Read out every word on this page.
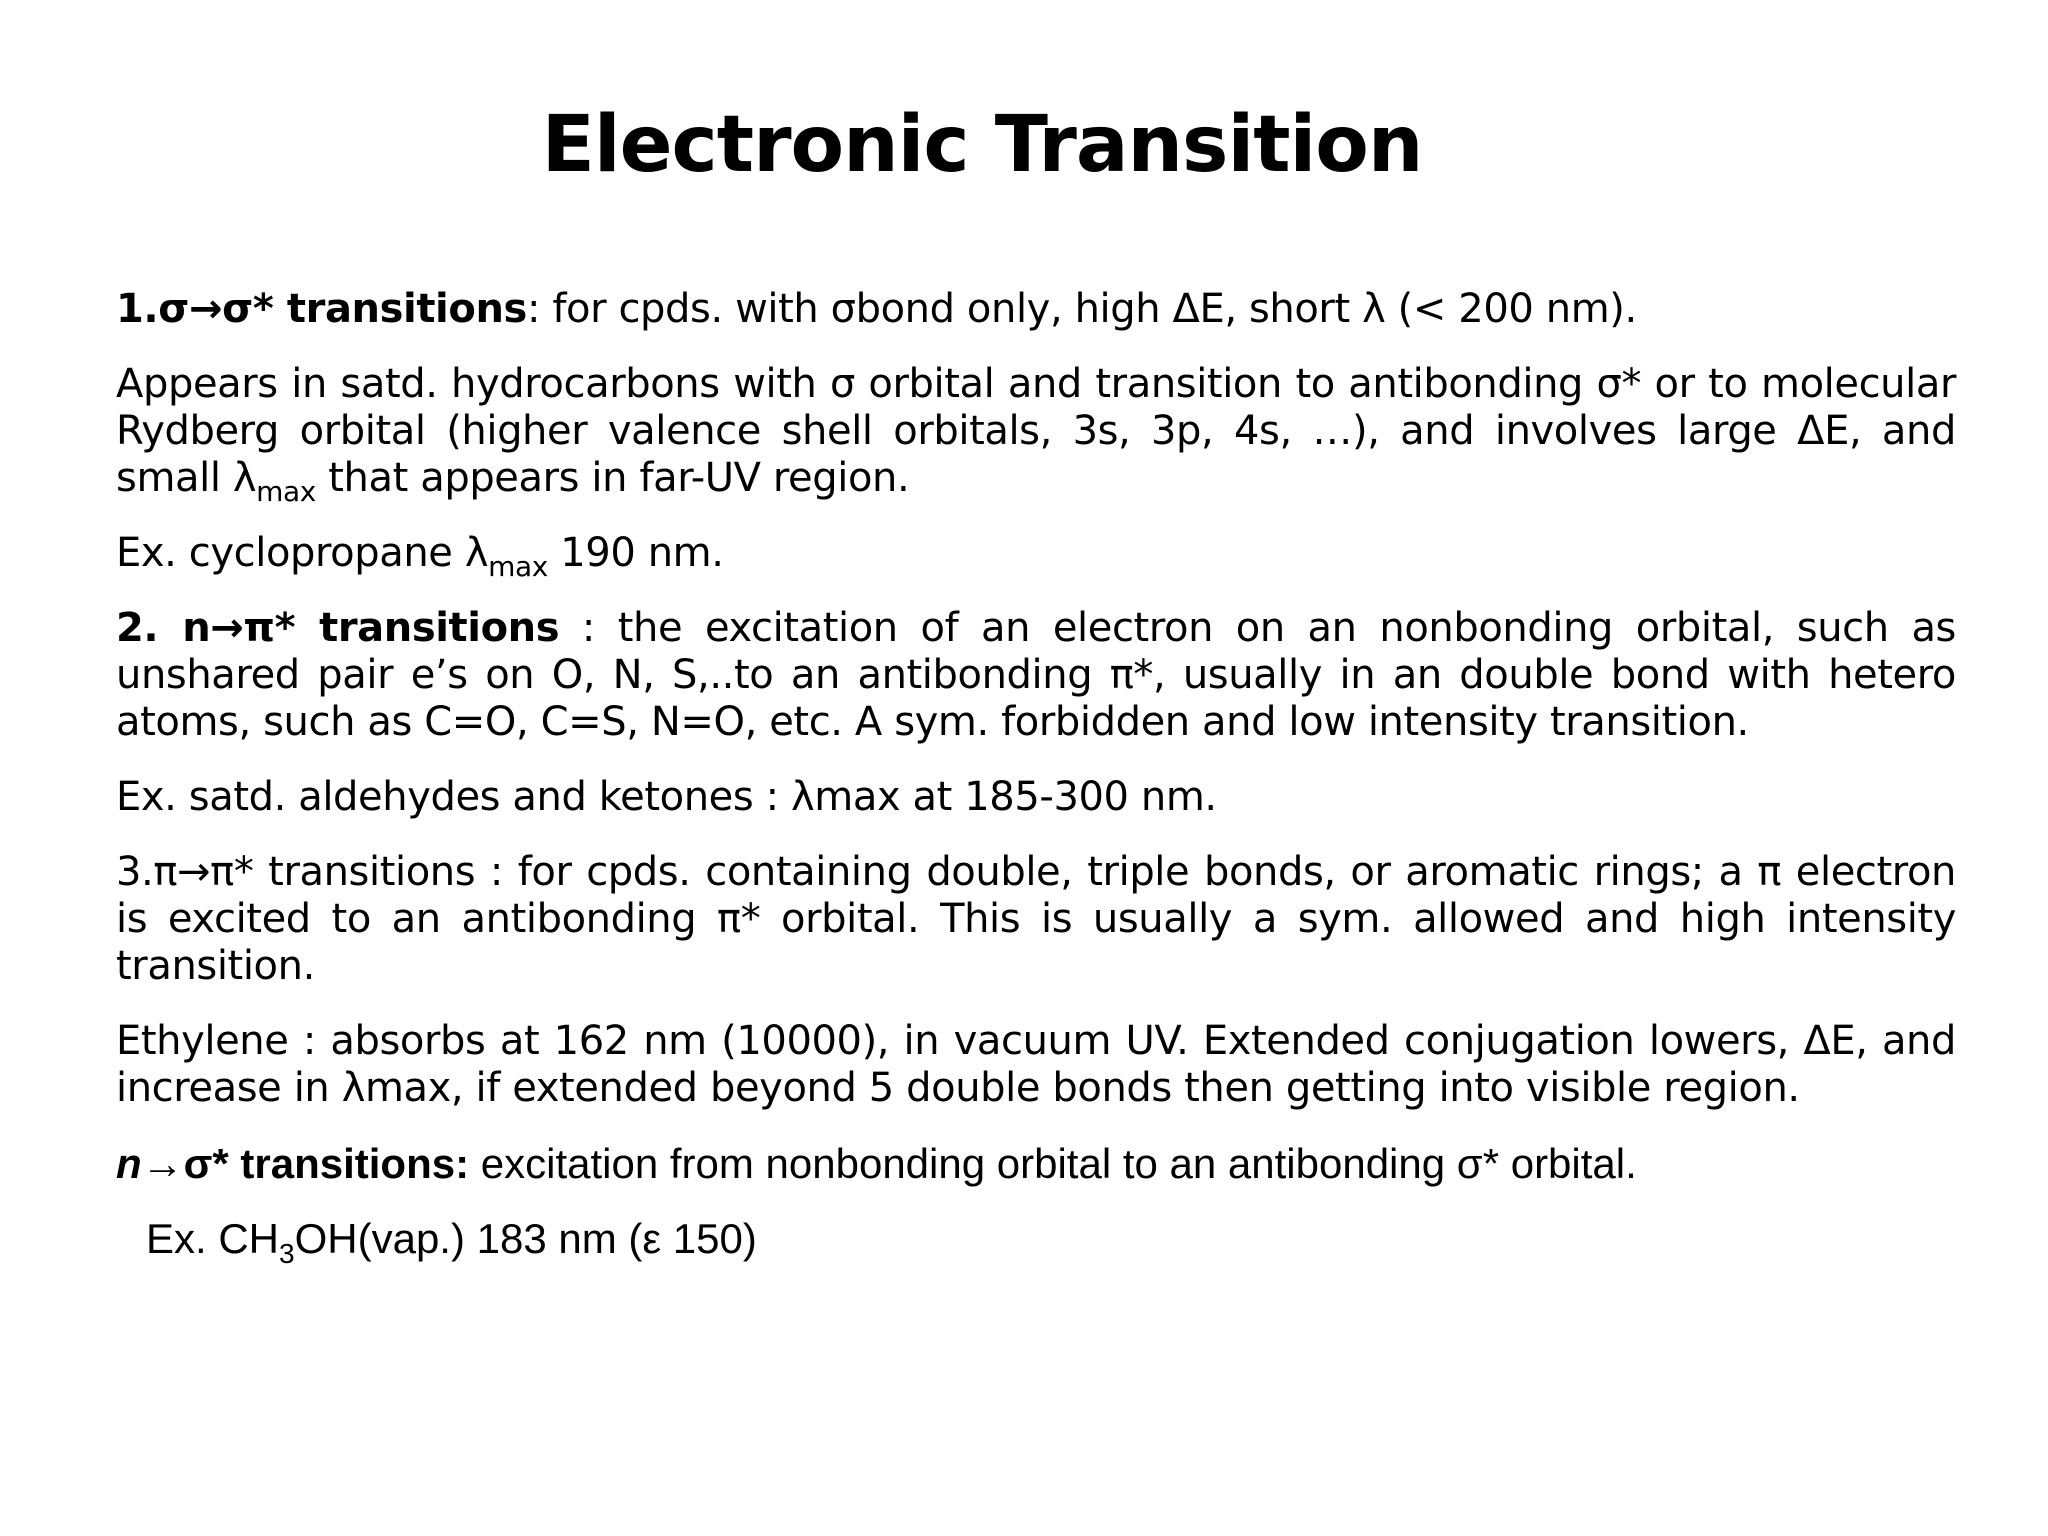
Electronic Transition

1.σ→σ* transitions: for cpds. with σbond only, high ΔE, short λ (< 200 nm).

Appears in satd. hydrocarbons with σ orbital and transition to antibonding σ* or to molecular Rydberg orbital (higher valence shell orbitals, 3s, 3p, 4s, …), and involves large ΔE, and small $\lambda_{max}$ that appears in far-UV region.

Ex. cyclopropane $\lambda_{max}$ 190 nm.

2. n→π* transitions : the excitation of an electron on an nonbonding orbital, such as unshared pair e’s on O, N, S,..to an antibonding π*, usually in an double bond with hetero atoms, such as C=O, C=S, N=O, etc. A sym. forbidden and low intensity transition.

Ex. satd. aldehydes and ketones : λmax at 185-300 nm.

3.π→π* transitions : for cpds. containing double, triple bonds, or aromatic rings; a π electron is excited to an antibonding π* orbital. This is usually a sym. allowed and high intensity transition.

Ethylene : absorbs at 162 nm (10000), in vacuum UV. Extended conjugation lowers, ΔE, and increase in λmax, if extended beyond 5 double bonds then getting into visible region.

n→σ* transitions: excitation from nonbonding orbital to an antibonding σ* orbital.

Ex. $CH_3OH(vap.)$ 183 nm (ε 150)
